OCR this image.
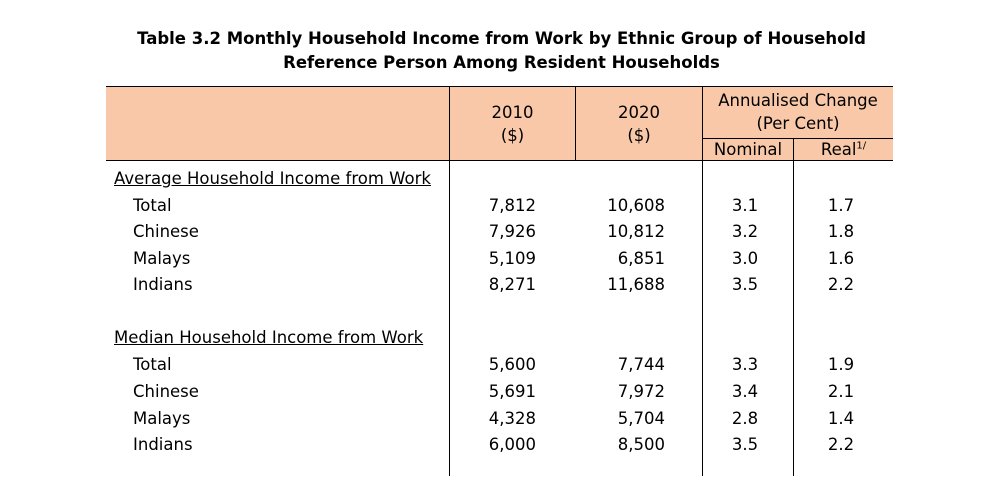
Table 3.2 Monthly Household Income from Work by Ethnic Group of Household
Reference Person Among Resident Households
2010
($)
2020
($)
Annualised Change
(Per Cent)
Nominal	Real$^{1/}$
Average Household Income from Work
Total	7,812	10,608	3.1	1.7
Chinese	7,926	10,812	3.2	1.8
Malays	5,109	6,851	3.0	1.6
Indians	8,271	11,688	3.5	2.2
Median Household Income from Work
Total	5,600	7,744	3.3	1.9
Chinese	5,691	7,972	3.4	2.1
Malays	4,328	5,704	2.8	1.4
Indians	6,000	8,500	3.5	2.2
